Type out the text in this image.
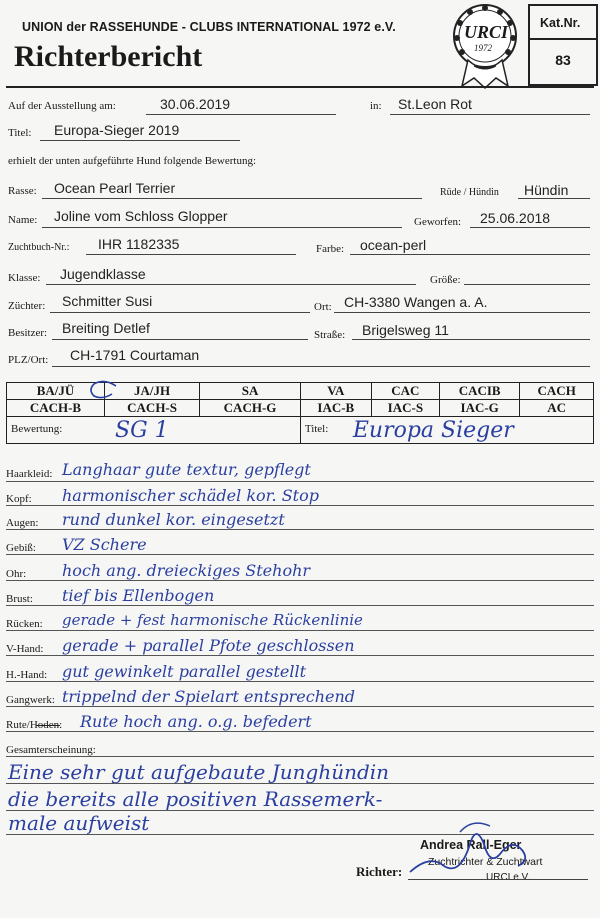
UNION der RASSEHUNDE - CLUBS INTERNATIONAL 1972 e.V.
Richterbericht
URCI
1972
Kat.Nr.
83
Auf der Ausstellung am:	30.06.2019	in: St.Leon Rot
Titel: Europa-Sieger 2019
erhielt der unten aufgeführte Hund folgende Bewertung:
Rasse: Ocean Pearl Terrier	Rüde / Hündin Hündin
Name: Joline vom Schloss Glopper	Geworfen: 25.06.2018
Zuchtbuch-Nr.: IHR 1182335	Farbe: ocean-perl
Klasse: Jugendklasse	Größe:
Züchter: Schmitter Susi	Ort: CH-3380 Wangen a. A.
Besitzer: Breiting Detlef	Straße: Brigelsweg 11
PLZ/Ort: CH-1791 Courtaman
BA/JÜ	JA/JH	SA	VA	CAC	CACIB	CACH
CACH-B	CACH-S	CACH-G	IAC-B	IAC-S	IAC-G	AC

Bewertung: SG 1			Titel: Europa Sieger			
Haarkleid: Langhaar gute textur, gepflegt
Kopf: harmonischer schädel kor. Stop
Augen: rund dunkel kor. eingesetzt
Gebiß: VZ Schere
Ohr: hoch ang. dreieckiges Stehohr
Brust: tief bis Ellenbogen
Rücken: gerade + fest harmonische Rückenlinie
V-Hand: gerade + parallel Pfote geschlossen
H.-Hand: gut gewinkelt parallel gestellt
Gangwerk: trippelnd der Spielart entsprechend
Rute/Hoden: Rute hoch ang. o.g. befedert
Gesamterscheinung:
Eine sehr gut aufgebaute Junghündin
die bereits alle positiven Rassemerk-
male aufweist
Andrea Rall-Eger
Zuchtrichter & Zuchtwart
URCI e.V.
Richter:
